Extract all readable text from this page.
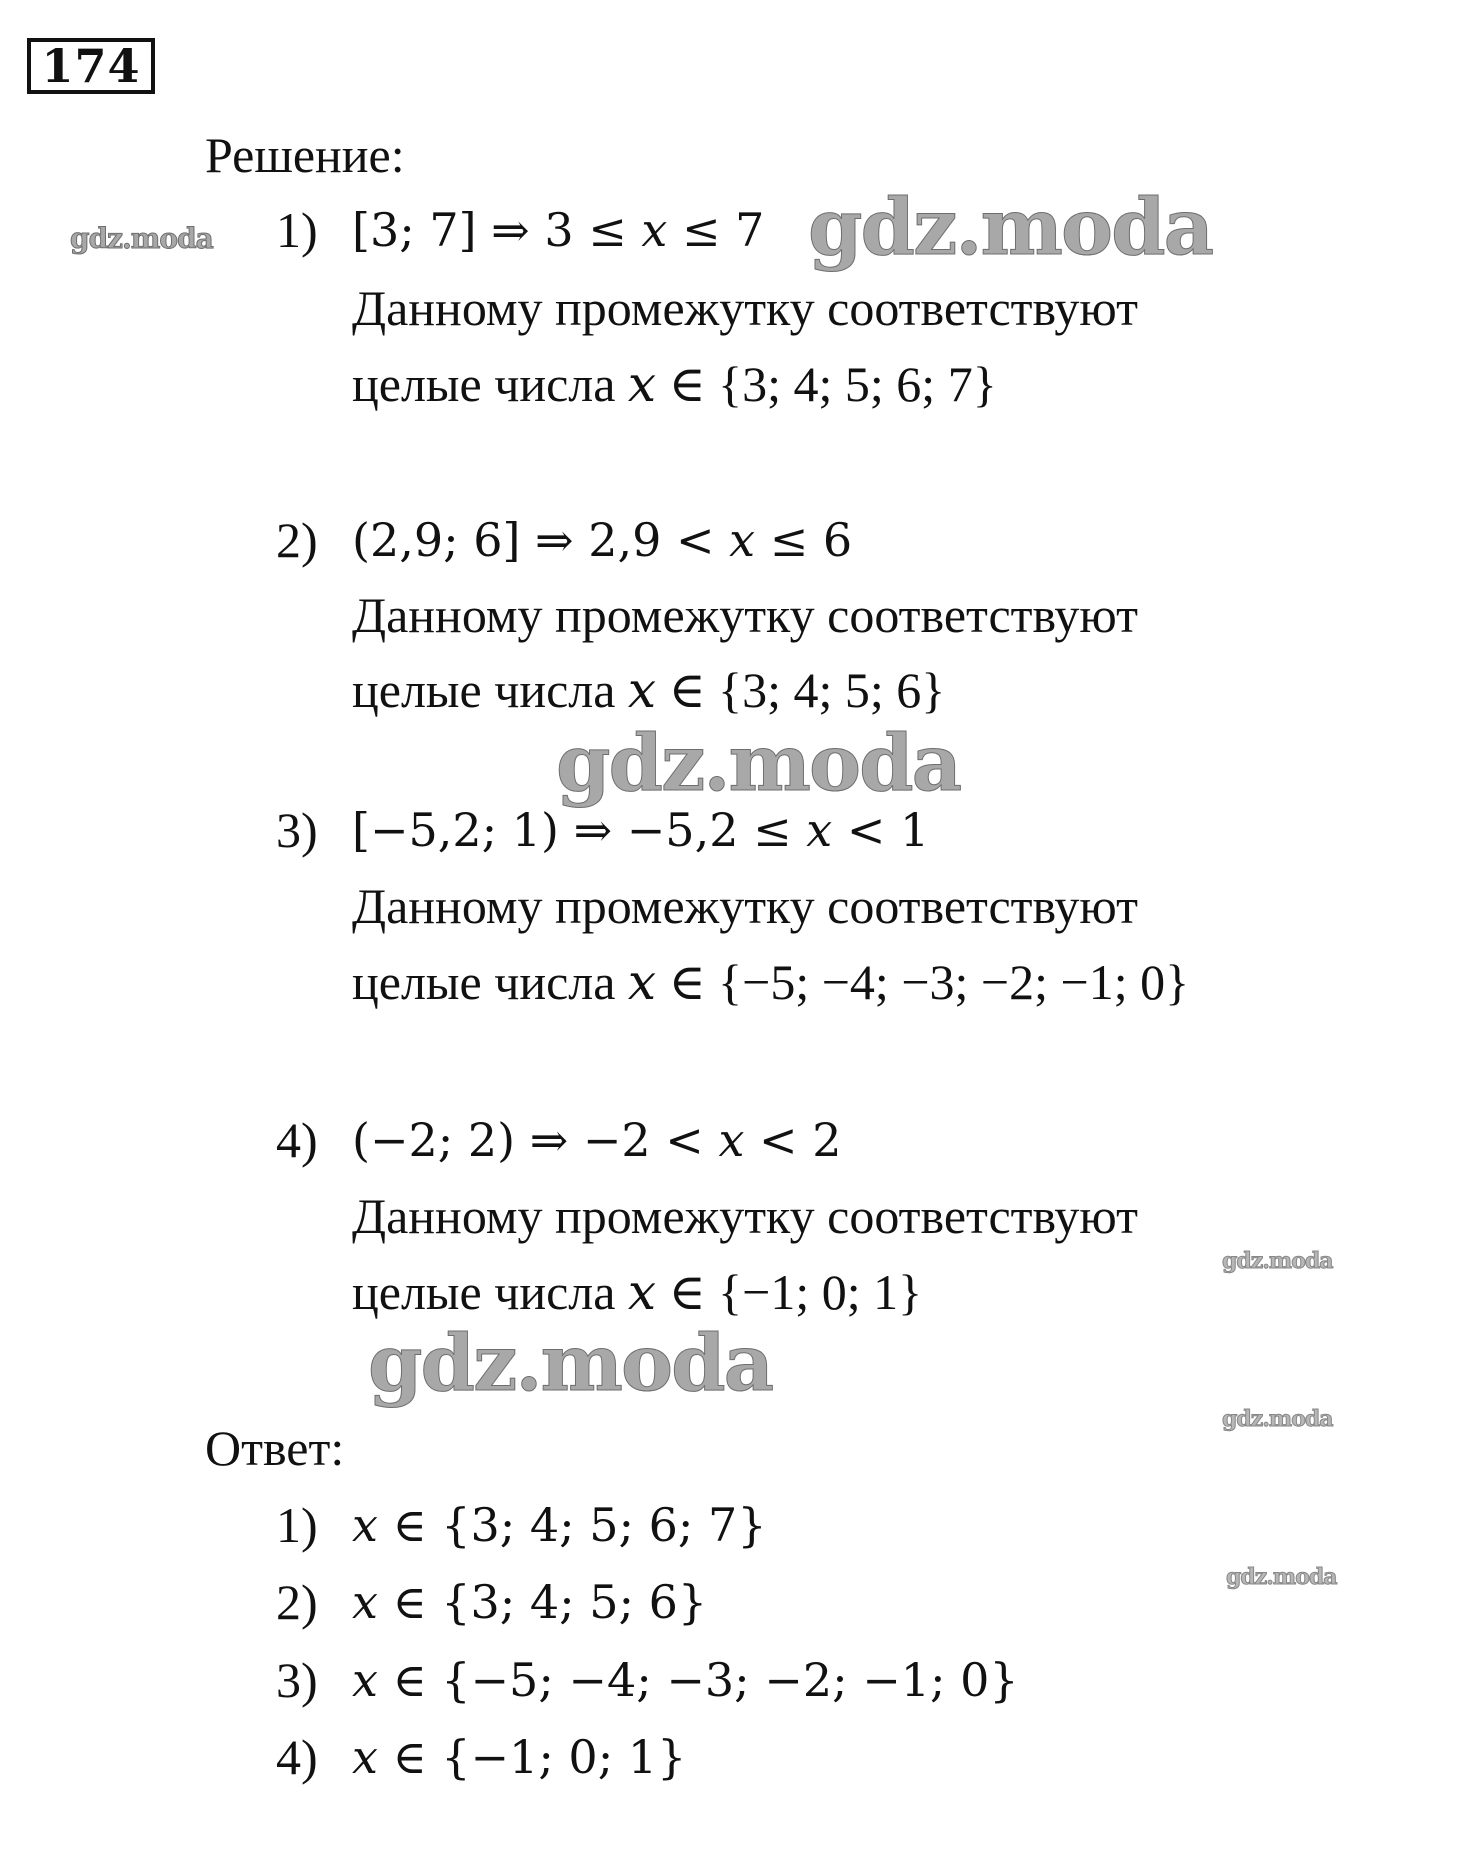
174
Решение:
1) [3; 7] ⇒ 3 ≤ 𝑥 ≤ 7
Данному промежутку соответствуют
целые числа 𝑥 ∈ {3; 4; 5; 6; 7}
2) (2,9; 6] ⇒ 2,9 < 𝑥 ≤ 6
Данному промежутку соответствуют
целые числа 𝑥 ∈ {3; 4; 5; 6}
3) [−5,2; 1) ⇒ −5,2 ≤ 𝑥 < 1
Данному промежутку соответствуют
целые числа 𝑥 ∈ {−5; −4; −3; −2; −1; 0}
4) (−2; 2) ⇒ −2 < 𝑥 < 2
Данному промежутку соответствуют
целые числа 𝑥 ∈ {−1; 0; 1}
Ответ:
1) 𝑥 ∈ {3; 4; 5; 6; 7}
2) 𝑥 ∈ {3; 4; 5; 6}
3) 𝑥 ∈ {−5; −4; −3; −2; −1; 0}
4) 𝑥 ∈ {−1; 0; 1}
gdz.moda	gdz.moda
gdz.moda
gdz.moda
gdz.moda
gdz.moda
gdz.moda
